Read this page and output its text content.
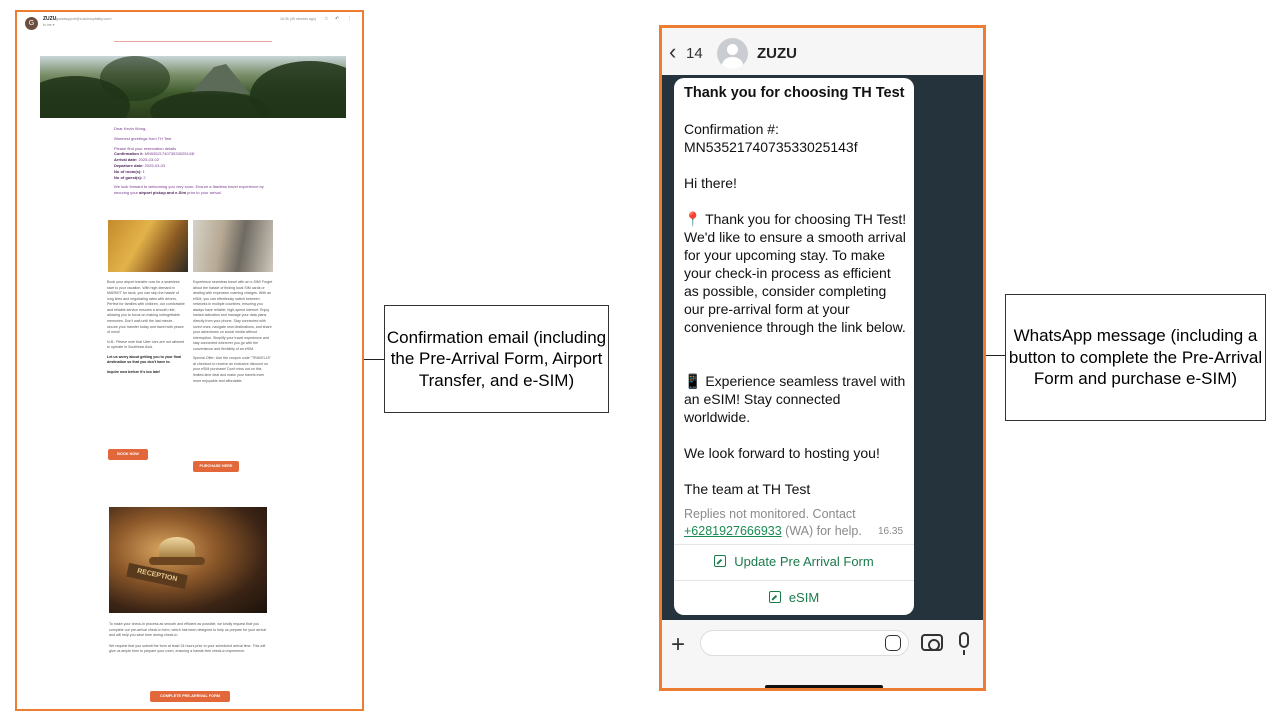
G
ZUZU
<guestsupport@zuzuhospitality.com>
to me ▾
16:35 (45 minutes ago) ☆ ↶ ⋮
Dear Kevin Wong,
Warmest greetings from TH Test
Please find your reservation details
Confirmation #: MN5352174073533025143f
Arrival date: 2025-03-02
Departure date: 2025-03-03
No of room(s): 1
No of guest(s): 2
We look forward to welcoming you very soon. Ensure a flawless travel experience by securing your airport pickup and e-Sim prior to your arrival.
Book your airport transfer now for a seamless start to your vacation. With high demand in MARKET for taxis, you can skip the hassle of long lines and negotiating rates with drivers. Perfect for families with children, our comfortable and reliable service ensures a smooth ride, allowing you to focus on making unforgettable memories. Don't wait until the last minute - secure your transfer today and travel with peace of mind!
N.B.: Please note that Uber cars are not allowed to operate in Southeast Asia.
Let us worry about getting you to your final destination so that you don't have to.
Inquire now before it's too late!
Experience seamless travel with an e-SIM! Forget about the hassle of finding local SIM cards or dealing with expensive roaming charges. With an eSIM, you can effortlessly switch between networks in multiple countries, ensuring you always have reliable, high-speed internet. Enjoy instant activation and manage your data plans directly from your phone. Stay connected with loved ones, navigate new destinations, and share your adventures on social media without interruption. Simplify your travel experience and stay connected wherever you go with the convenience and flexibility of an eSIM.
Special Offer: Use the coupon code "TRAVEL15" at checkout to receive an exclusive discount on your eSIM purchase! Don't miss out on this limited-time deal and make your travels even more enjoyable and affordable.
BOOK NOW
PURCHASE HERE
RECEPTION
To make your check-in process as smooth and efficient as possible, we kindly request that you complete our pre-arrival check-in form, which has been designed to help us prepare for your arrival and will help you save time during check-in.
We request that you submit the form at least 24 hours prior to your scheduled arrival time. This will give us ample time to prepare your room, ensuring a hassle-free check-in experience.
COMPLETE PRE-ARRIVAL FORM
Confirmation email (including the Pre-Arrival Form, Airport Transfer, and e-SIM)
‹ 14	ZUZU
Thank you for choosing TH Test
Confirmation #: MN5352174073533025143f
Hi there!
📍 Thank you for choosing TH Test! We'd like to ensure a smooth arrival for your upcoming stay. To make your check-in process as efficient as possible, consider completing our pre-arrival form at your convenience through the link below.
📱 Experience seamless travel with an eSIM! Stay connected worldwide.
We look forward to hosting you!
The team at TH Test
Replies not monitored. Contact +6281927666933 (WA) for help.	16.35
Update Pre Arrival Form
eSIM
+
WhatsApp message (including a button to complete the Pre-Arrival Form and purchase e-SIM)
